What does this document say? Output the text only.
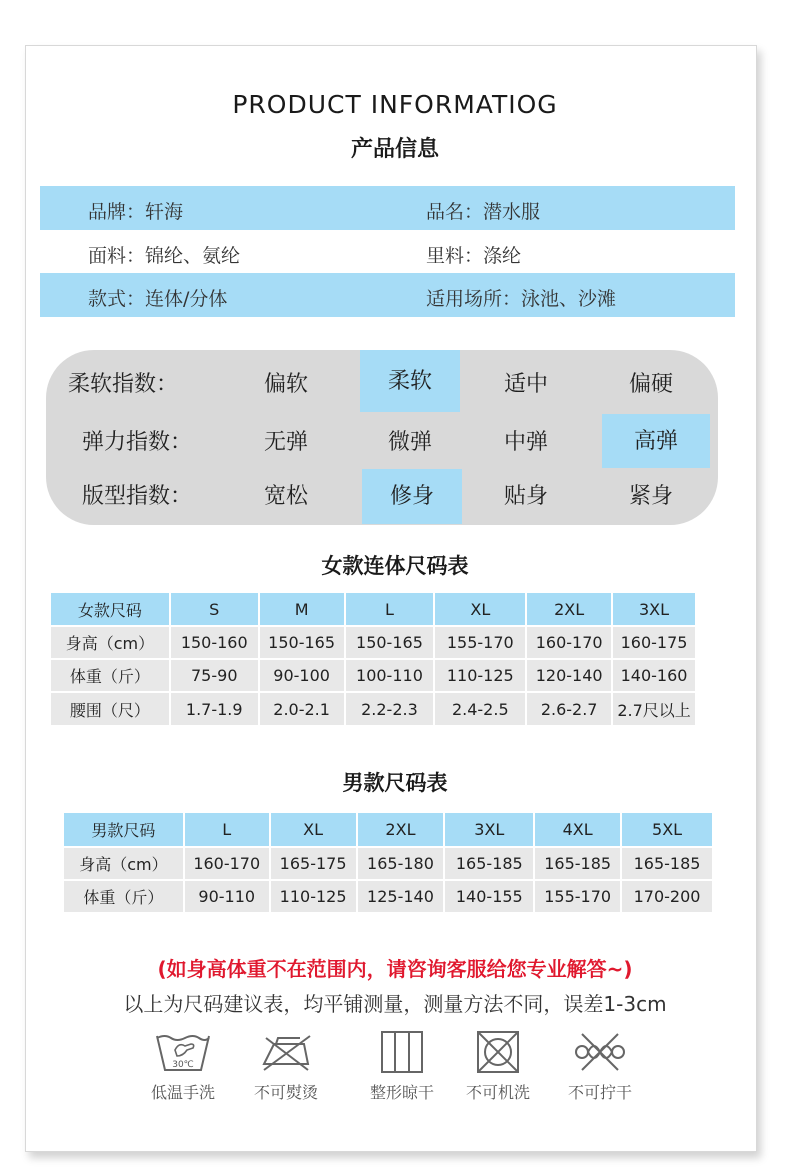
PRODUCT INFORMATIOG
产品信息
品牌：轩海	品名：潜水服
面料：锦纶、氨纶	里料：涤纶
款式：连体/分体	适用场所：泳池、沙滩
柔软指数：	偏软	柔软	适中	偏硬
弹力指数：	无弹	微弹	中弹	高弹
版型指数：	宽松	修身	贴身	紧身
女款连体尺码表
女款尺码	S	M	L	XL	2XL	3XL
身高（cm）	150-160	150-165	150-165	155-170	160-170	160-175
体重（斤）	75-90	90-100	100-110	110-125	120-140	140-160
腰围（尺）	1.7-1.9	2.0-2.1	2.2-2.3	2.4-2.5	2.6-2.7	2.7尺以上
男款尺码表
男款尺码	L	XL	2XL	3XL	4XL	5XL
身高（cm）	160-170	165-175	165-180	165-185	165-185	165-185
体重（斤）	90-110	110-125	125-140	140-155	155-170	170-200
(如身高体重不在范围内，请咨询客服给您专业解答~)
以上为尺码建议表，均平铺测量，测量方法不同，误差1-3cm
30℃
低温手洗	不可熨烫	整形晾干	不可机洗	不可拧干
